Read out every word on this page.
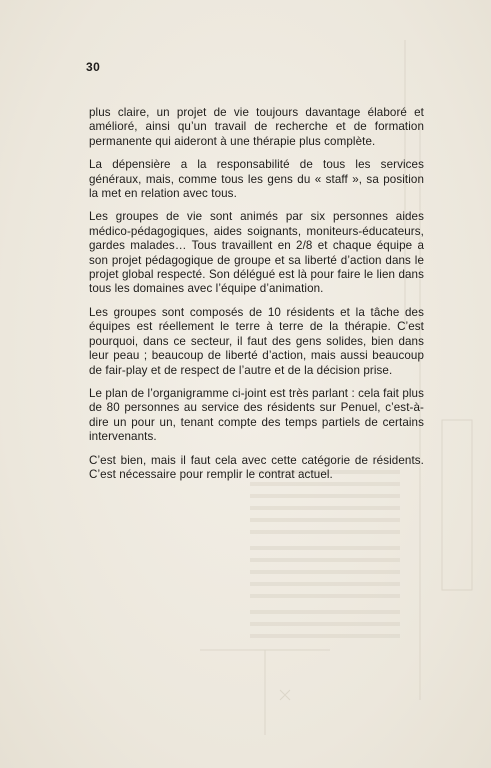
30

plus claire, un projet de vie toujours davantage élaboré et amélioré, ainsi qu’un travail de recherche et de formation permanente qui aideront à une thérapie plus complète.

La dépensière a la responsabilité de tous les services généraux, mais, comme tous les gens du « staff », sa position la met en relation avec tous.

Les groupes de vie sont animés par six personnes aides médico-pédagogiques, aides soignants, moniteurs-éducateurs, gardes malades… Tous travaillent en 2/8 et chaque équipe a son projet pédagogique de groupe et sa liberté d’action dans le projet global respecté. Son délégué est là pour faire le lien dans tous les domaines avec l’équipe d’animation.

Les groupes sont composés de 10 résidents et la tâche des équipes est réellement le terre à terre de la thérapie. C’est pourquoi, dans ce secteur, il faut des gens solides, bien dans leur peau ; beaucoup de liberté d’action, mais aussi beaucoup de fair-play et de respect de l’autre et de la décision prise.

Le plan de l’organigramme ci-joint est très parlant : cela fait plus de 80 personnes au service des résidents sur Penuel, c’est-à-dire un pour un, tenant compte des temps partiels de certains intervenants.

C’est bien, mais il faut cela avec cette catégorie de résidents. C’est nécessaire pour remplir le contrat actuel.
